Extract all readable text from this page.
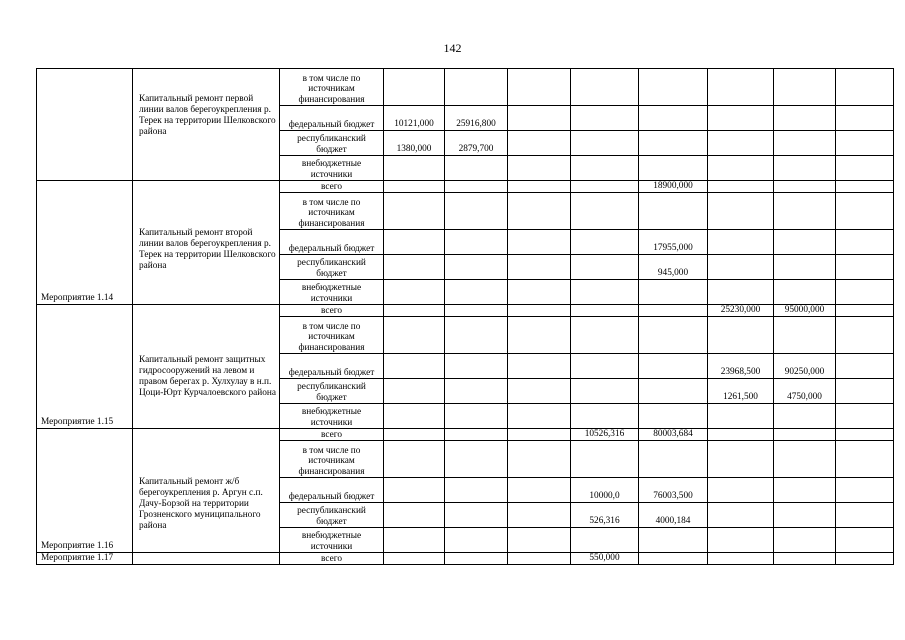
142
	Капитальный ремонт первой линии валов берегоукрепления р. Терек на территории Шелковского района	в том числе по источникам финансирования								
		федеральный бюджет	10121,000	25916,800						
		республиканский бюджет	1380,000	2879,700						
		внебюджетные источники								
Мероприятие 1.14	Капитальный ремонт второй линии валов берегоукрепления р. Терек на территории Шелковского района	всего					18900,000			
		в том числе по источникам финансирования								
		федеральный бюджет					17955,000			
		республиканский бюджет					945,000			
		внебюджетные источники								
Мероприятие 1.15	Капитальный ремонт защитных гидросооружений на левом и правом берегах р. Хулхулау в н.п. Цоци-Юрт Курчалоевского района	всего						25230,000	95000,000	
		в том числе по источникам финансирования								
		федеральный бюджет						23968,500	90250,000	
		республиканский бюджет						1261,500	4750,000	
		внебюджетные источники								
Мероприятие 1.16	Капитальный ремонт ж/б берегоукрепления р. Аргун с.п. Дачу-Борзой на территории Грозненского муниципального района	всего				10526,316	80003,684			
		в том числе по источникам финансирования								
		федеральный бюджет				10000,0	76003,500			
		республиканский бюджет				526,316	4000,184			
		внебюджетные источники								
Мероприятие 1.17		всего				550,000				
